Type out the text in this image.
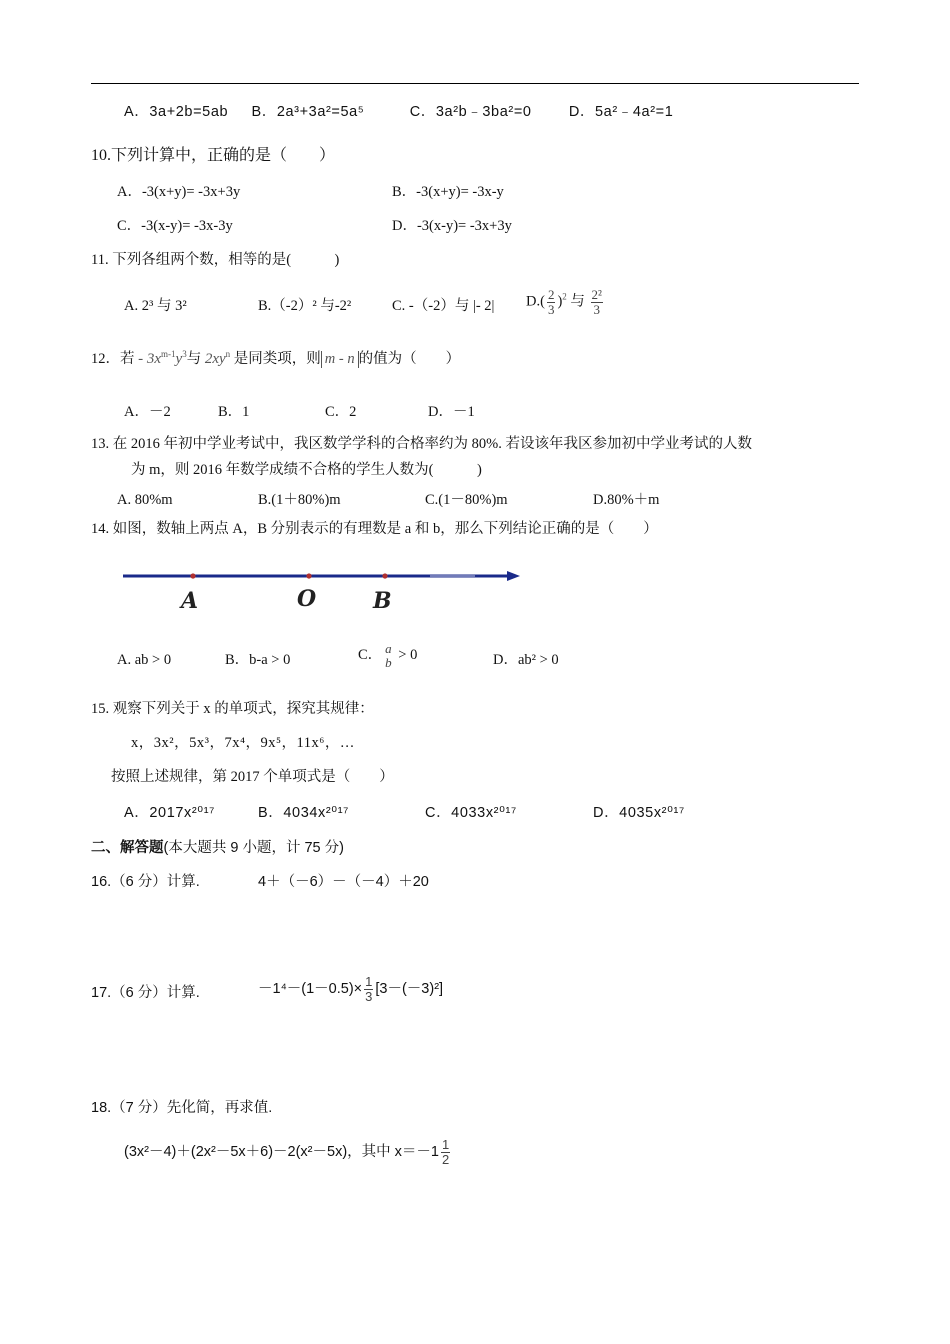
A．3a+2b=5ab B．2a³+3a²=5a⁵	C．3a²b﹣3ba²=0	D．5a²﹣4a²=1
10.下列计算中，正确的是（　　）
A．-3(x+y)= -3x+3y	B．-3(x+y)= -3x-y
C．-3(x-y)= -3x-3y	D．-3(x-y)= -3x+3y
11. 下列各组两个数，相等的是(　　　)
A. 2³ 与 3²	B.（-2）² 与-2²	C. -（-2）与 |- 2| $D.( \frac{2}{3} )^2$ 与 $\frac{\text{2²}}{3}$
12．若 - $3x^{m-1}y^3$与 $2xy^n$ 是同类项，则 m - n 的值为（　　）
A．－2	B．1	C．2	D．－1
13. 在 2016 年初中学业考试中，我区数学学科的合格率约为 80%. 若设该年我区参加初中学业考试的人数
为 m，则 2016 年数学成绩不合格的学生人数为(　　　)
A. 80%m	B.(1＋80%)m	C.(1－80%)m	D.80%＋m
14. 如图，数轴上两点 A，B 分别表示的有理数是 a 和 b，那么下列结论正确的是（　　）
A	O	B
A. ab > 0	B．b-a > 0	C． a
b > 0	D．ab² > 0
15. 观察下列关于 x 的单项式，探究其规律：
x，3x²，5x³，7x⁴，9x⁵，11x⁶，…
按照上述规律，第 2017 个单项式是（　　）
A．2017x²⁰¹⁷	B．4034x²⁰¹⁷	C．4033x²⁰¹⁷	D．4035x²⁰¹⁷
二、解答题(本大题共 9 小题，计 75 分)
16.（6 分）计算.	4＋（－6）－（－4）＋20
17.（6 分）计算.	$-1^4-(1-0.5)\times \frac{1}{3} [3-(-3)^2]$
18.（7 分）先化简，再求值.
(3x²－4)＋(2x²－5x＋6)－2(x²－5x)，其中 $x=-1 \frac{1}{2}$
